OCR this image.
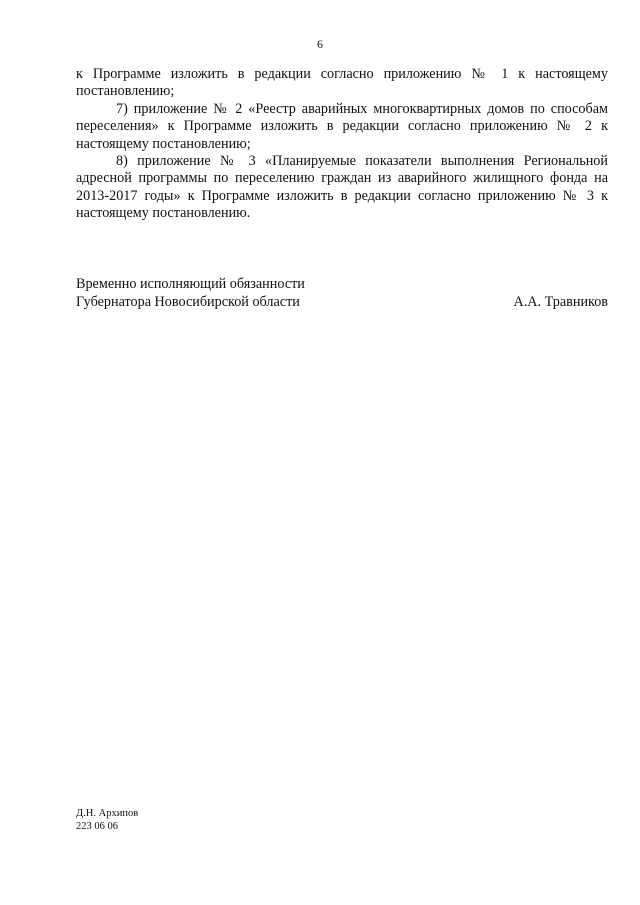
6

к Программе изложить в редакции согласно приложению № 1 к настоящему постановлению;

7) приложение № 2 «Реестр аварийных многоквартирных домов по способам переселения» к Программе изложить в редакции согласно приложению № 2 к настоящему постановлению;

8) приложение № 3 «Планируемые показатели выполнения Региональной адресной программы по переселению граждан из аварийного жилищного фонда на 2013-2017 годы» к Программе изложить в редакции согласно приложению № 3 к настоящему постановлению.

Временно исполняющий обязанности
Губернатора Новосибирской области	А.А. Травников
Д.Н. Архипов
223 06 06
